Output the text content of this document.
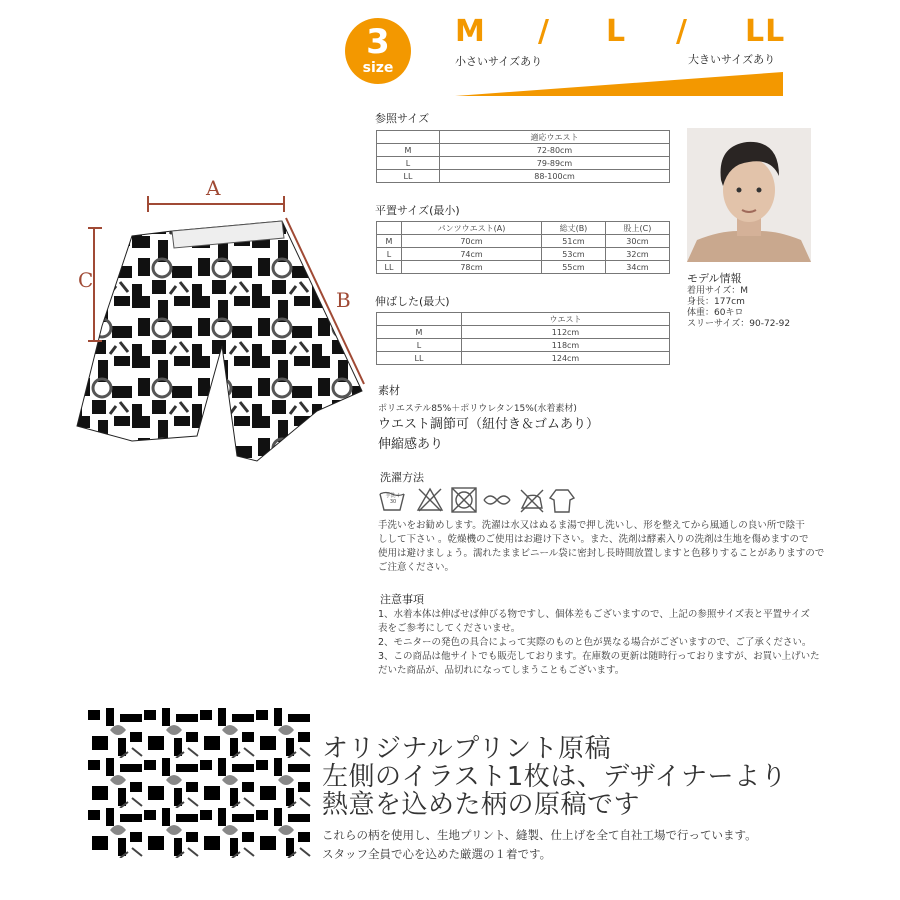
3
size
M / L / LL
小さいサイズあり	大きいサイズあり
A
B
C
参照サイズ
	適応ウエスト
M	72-80cm
L	79-89cm
LL	88-100cm
平置サイズ(最小)
	パンツウエスト(A)	総丈(B)	股上(C)
M	70cm	51cm	30cm
L	74cm	53cm	32cm
LL	78cm	55cm	34cm
伸ばした(最大)
	ウエスト
M	112cm
L	118cm
LL	124cm
モデル情報
着用サイズ：M
身長：177cm
体重：60キロ
スリーサイズ：90-72-92
素材
ポリエステル85%＋ポリウレタン15%(水着素材)
ウエスト調節可（紐付き＆ゴムあり）
伸縮感あり
洗濯方法
手洗イ 30
手洗いをお勧めします。洗濯は水又はぬるま湯で押し洗いし、形を整えてから風通しの良い所で陰干
しして下さい 。乾燥機のご使用はお避け下さい。また、洗剤は酵素入りの洗剤は生地を傷めますので
使用は避けましょう。濡れたままビニール袋に密封し長時間放置しますと色移りすることがありますので
ご注意ください。
注意事項
1、水着本体は伸ばせば伸びる物ですし、個体差もございますので、上記の参照サイズ表と平置サイズ
表をご参考にしてくださいませ。
2、モニターの発色の具合によって実際のものと色が異なる場合がございますので、ご了承ください。
3、この商品は他サイトでも販売しております。在庫数の更新は随時行っておりますが、お買い上げいた
だいた商品が、品切れになってしまうこともございます。
オリジナルプリント原稿
左側のイラスト1枚は、デザイナーより
熱意を込めた柄の原稿です
これらの柄を使用し、生地プリント、縫製、仕上げを全て自社工場で行っています。
スタッフ全員で心を込めた厳選の１着です。
